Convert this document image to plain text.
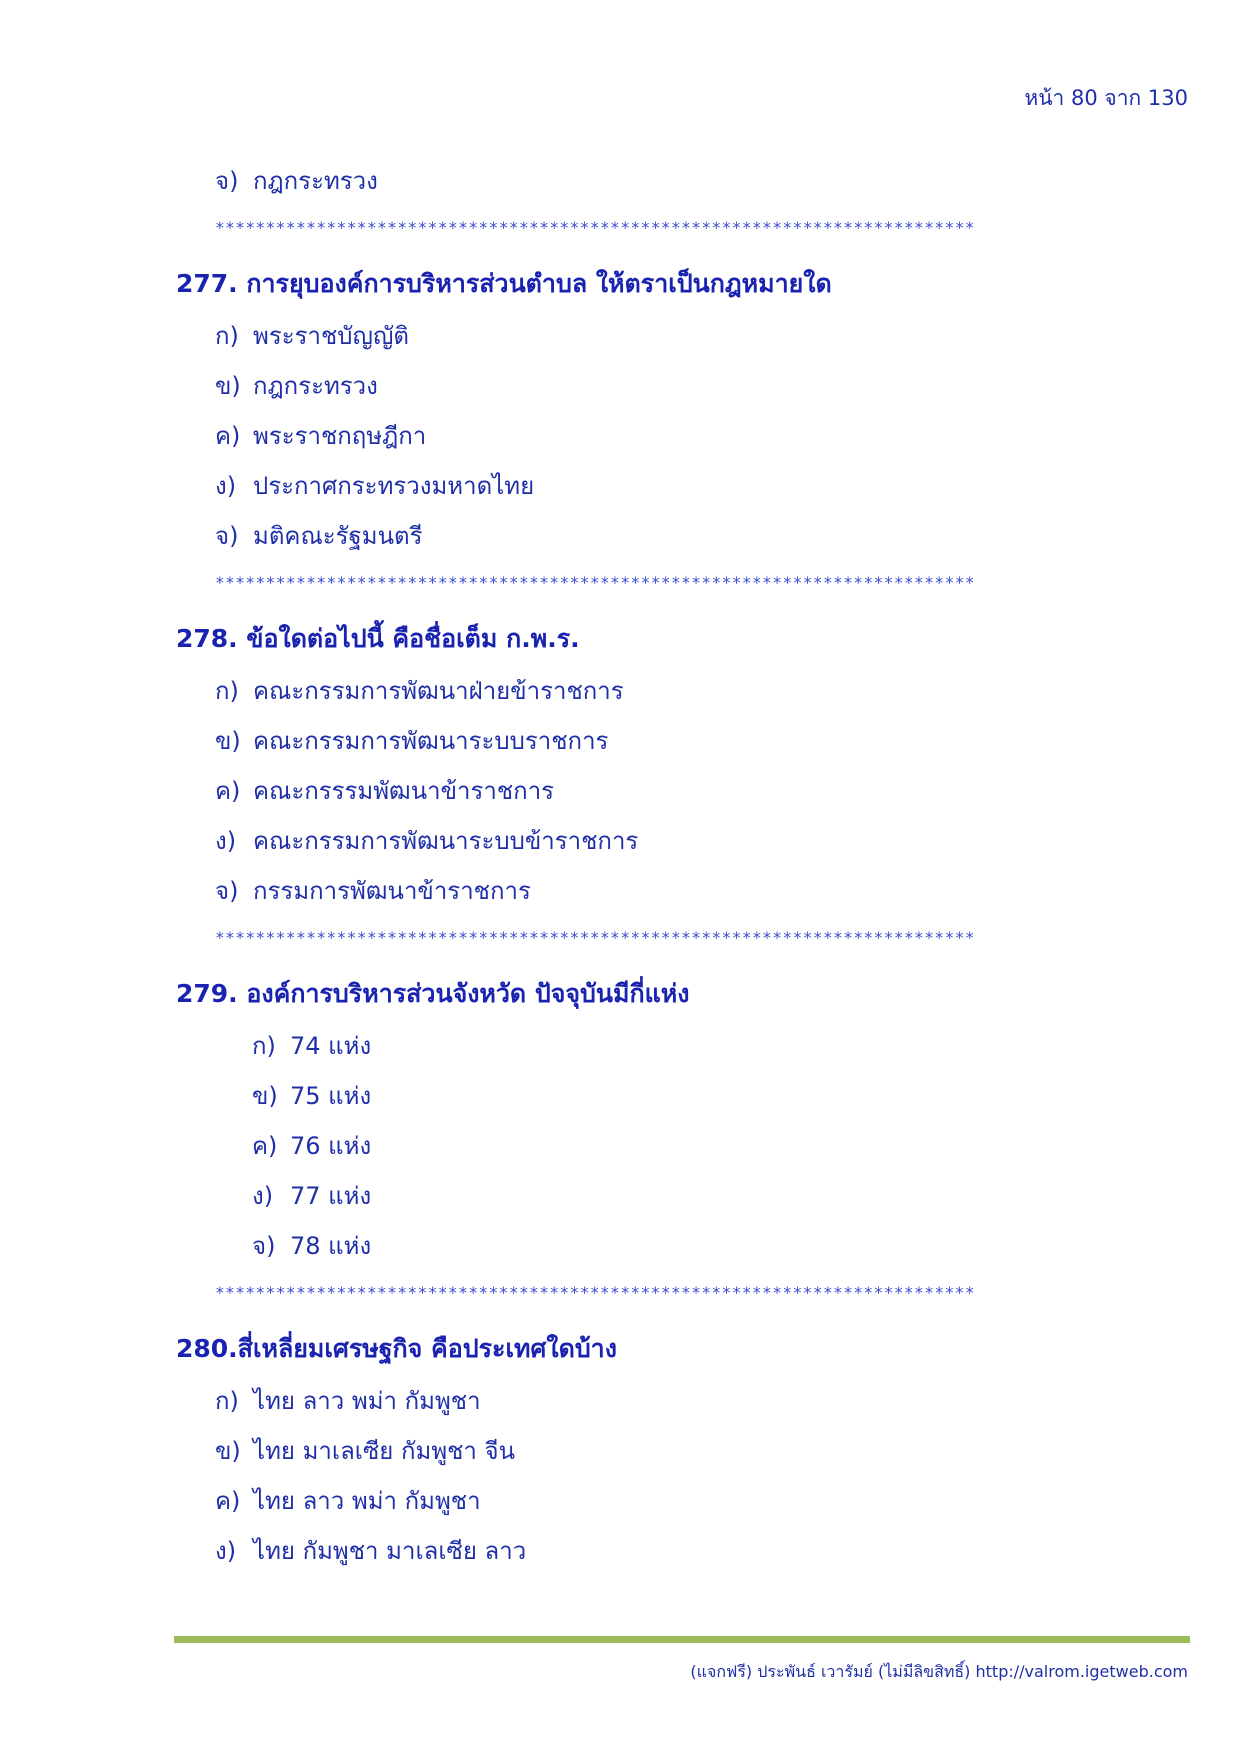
หน้า 80 จาก 130
จ) กฎกระทรวง
***************************************************************************
277. การยุบองค์การบริหารส่วนตำบล ให้ตราเป็นกฎหมายใด
ก) พระราชบัญญัติ
ข) กฎกระทรวง
ค) พระราชกฤษฎีกา
ง) ประกาศกระทรวงมหาดไทย
จ) มติคณะรัฐมนตรี
***************************************************************************
278. ข้อใดต่อไปนี้ คือชื่อเต็ม ก.พ.ร.
ก) คณะกรรมการพัฒนาฝ่ายข้าราชการ
ข) คณะกรรมการพัฒนาระบบราชการ
ค) คณะกรรรมพัฒนาข้าราชการ
ง) คณะกรรมการพัฒนาระบบข้าราชการ
จ) กรรมการพัฒนาข้าราชการ
***************************************************************************
279. องค์การบริหารส่วนจังหวัด ปัจจุบันมีกี่แห่ง
ก) 74 แห่ง
ข) 75 แห่ง
ค) 76 แห่ง
ง) 77 แห่ง
จ) 78 แห่ง
***************************************************************************
280.สี่เหลี่ยมเศรษฐกิจ คือประเทศใดบ้าง
ก) ไทย ลาว พม่า กัมพูชา
ข) ไทย มาเลเซีย กัมพูชา จีน
ค) ไทย ลาว พม่า กัมพูชา
ง) ไทย กัมพูชา มาเลเซีย ลาว
(แจกฟรี) ประพันธ์ เวารัมย์ (ไม่มีลิขสิทธิ์) http://valrom.igetweb.com
